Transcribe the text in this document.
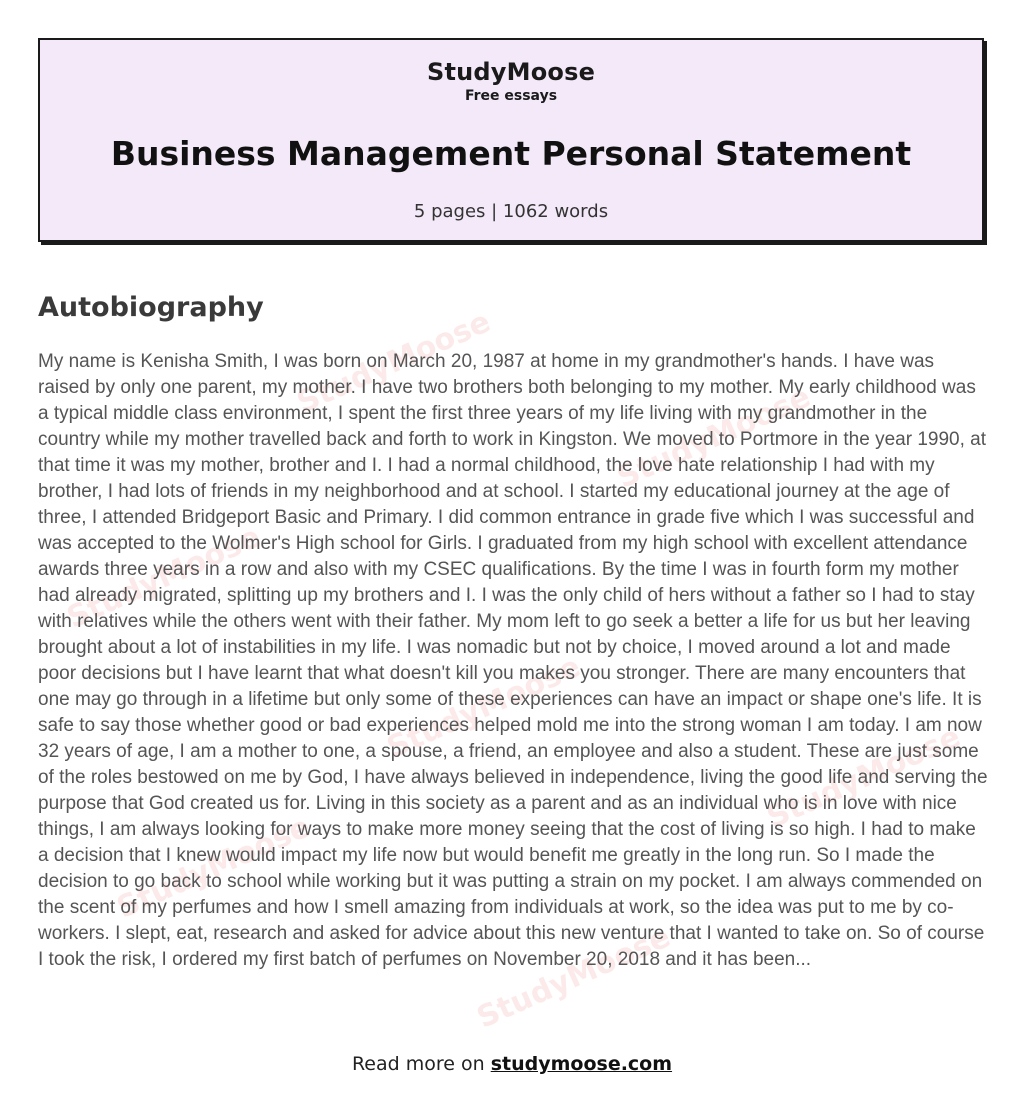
StudyMoose
Free essays
Business Management Personal Statement
5 pages | 1062 words
StudyMoose
StudyMoose
StudyMoose
StudyMoose
StudyMoose
StudyMoose
StudyMoose
Autobiography

My name is Kenisha Smith, I was born on March 20, 1987 at home in my grandmother's hands. I have was raised by only one parent, my mother. I have two brothers both belonging to my mother. My early childhood was a typical middle class environment, I spent the first three years of my life living with my grandmother in the country while my mother travelled back and forth to work in Kingston. We moved to Portmore in the year 1990, at that time it was my mother, brother and I. I had a normal childhood, the love hate relationship I had with my brother, I had lots of friends in my neighborhood and at school. I started my educational journey at the age of three, I attended Bridgeport Basic and Primary. I did common entrance in grade five which I was successful and was accepted to the Wolmer's High school for Girls. I graduated from my high school with excellent attendance awards three years in a row and also with my CSEC qualifications. By the time I was in fourth form my mother had already migrated, splitting up my brothers and I. I was the only child of hers without a father so I had to stay with relatives while the others went with their father. My mom left to go seek a better a life for us but her leaving brought about a lot of instabilities in my life. I was nomadic but not by choice, I moved around a lot and made poor decisions but I have learnt that what doesn't kill you makes you stronger. There are many encounters that one may go through in a lifetime but only some of these experiences can have an impact or shape one's life. It is safe to say those whether good or bad experiences helped mold me into the strong woman I am today. I am now 32 years of age, I am a mother to one, a spouse, a friend, an employee and also a student. These are just some of the roles bestowed on me by God, I have always believed in independence, living the good life and serving the purpose that God created us for. Living in this society as a parent and as an individual who is in love with nice things, I am always looking for ways to make more money seeing that the cost of living is so high. I had to make a decision that I knew would impact my life now but would benefit me greatly in the long run. So I made the decision to go back to school while working but it was putting a strain on my pocket. I am always commended on the scent of my perfumes and how I smell amazing from individuals at work, so the idea was put to me by co-workers. I slept, eat, research and asked for advice about this new venture that I wanted to take on. So of course I took the risk, I ordered my first batch of perfumes on November 20, 2018 and it has been...

Read more on studymoose.com
